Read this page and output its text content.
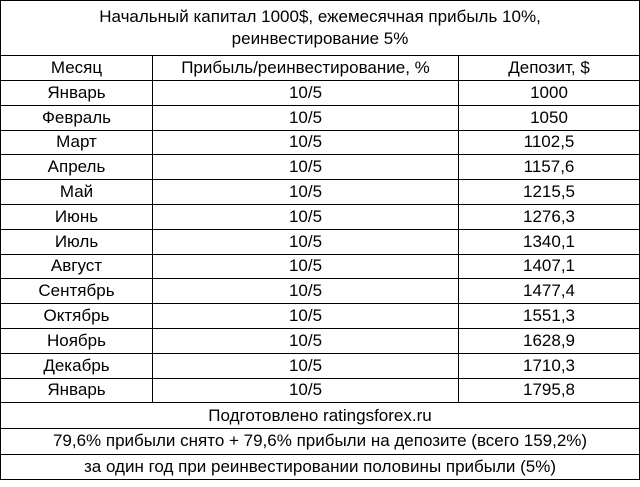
Начальный капитал 1000$, ежемесячная прибыль 10%,
реинвестирование 5%		

Месяц	Прибыль/реинвестирование, %	Депозит, $
Январь	10/5	1000
Февраль	10/5	1050
Март	10/5	1102,5
Апрель	10/5	1157,6
Май	10/5	1215,5
Июнь	10/5	1276,3
Июль	10/5	1340,1
Август	10/5	1407,1
Сентябрь	10/5	1477,4
Октябрь	10/5	1551,3
Ноябрь	10/5	1628,9
Декабрь	10/5	1710,3
Январь	10/5	1795,8
Подготовлено ratingsforex.ru		
79,6% прибыли снято + 79,6% прибыли на депозите (всего 159,2%)		
за один год при реинвестировании половины прибыли (5%)		
